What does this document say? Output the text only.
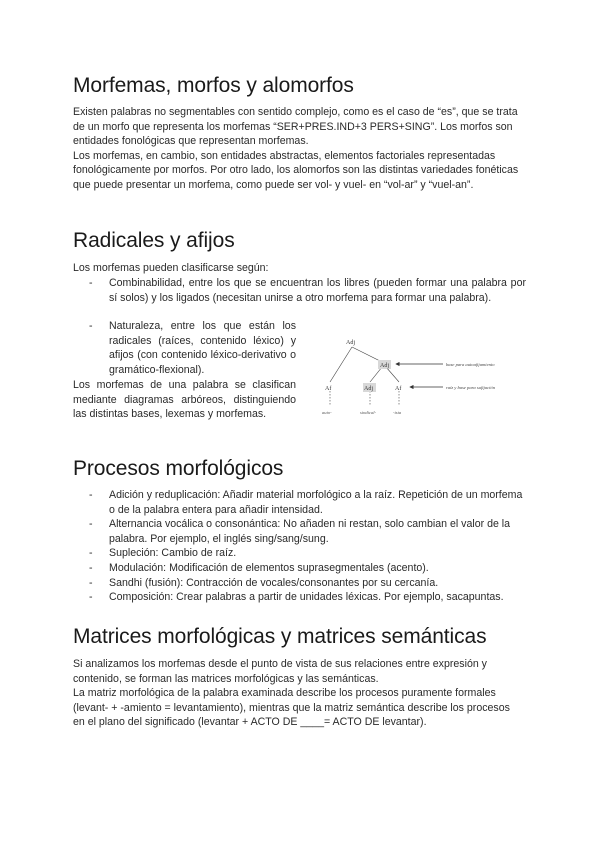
Morfemas, morfos y alomorfos

Existen palabras no segmentables con sentido complejo, como es el caso de “es”, que se trata de un morfo que representa los morfemas “SER+PRES.IND+3 PERS+SING”. Los morfos son entidades fonológicas que representan morfemas.

Los morfemas, en cambio, son entidades abstractas, elementos factoriales representadas fonológicamente por morfos. Por otro lado, los alomorfos son las distintas variedades fonéticas que puede presentar un morfema, como puede ser vol- y vuel- en “vol-ar” y “vuel-an”.

Radicales y afijos

Los morfemas pueden clasificarse según:

- Combinabilidad, entre los que se encuentran los libres (pueden formar una palabra por sí solos) y los ligados (necesitan unirse a otro morfema para formar una palabra).
- Naturaleza, entre los que están los radicales (raíces, contenido léxico) y afijos (con contenido léxico-derivativo o gramático-flexional).

Los morfemas de una palabra se clasifican mediante diagramas arbóreos, distinguiendo las distintas bases, lexemas y morfemas.

Adj
Adj
Af	Adj	Af
base para autoafijamiento
raíz y base para sufijación
auto-	sindical-	-ista
Procesos morfológicos
- Adición y reduplicación: Añadir material morfológico a la raíz. Repetición de un morfema o de la palabra entera para añadir intensidad.
- Alternancia vocálica o consonántica: No añaden ni restan, solo cambian el valor de la palabra. Por ejemplo, el inglés sing/sang/sung.
- Supleción: Cambio de raíz.
- Modulación: Modificación de elementos suprasegmentales (acento).
- Sandhi (fusión): Contracción de vocales/consonantes por su cercanía.
- Composición: Crear palabras a partir de unidades léxicas. Por ejemplo, sacapuntas.
Matrices morfológicas y matrices semánticas

Si analizamos los morfemas desde el punto de vista de sus relaciones entre expresión y contenido, se forman las matrices morfológicas y las semánticas.

La matriz morfológica de la palabra examinada describe los procesos puramente formales (levant- + -amiento = levantamiento), mientras que la matriz semántica describe los procesos en el plano del significado (levantar + ACTO DE ____= ACTO DE levantar).
